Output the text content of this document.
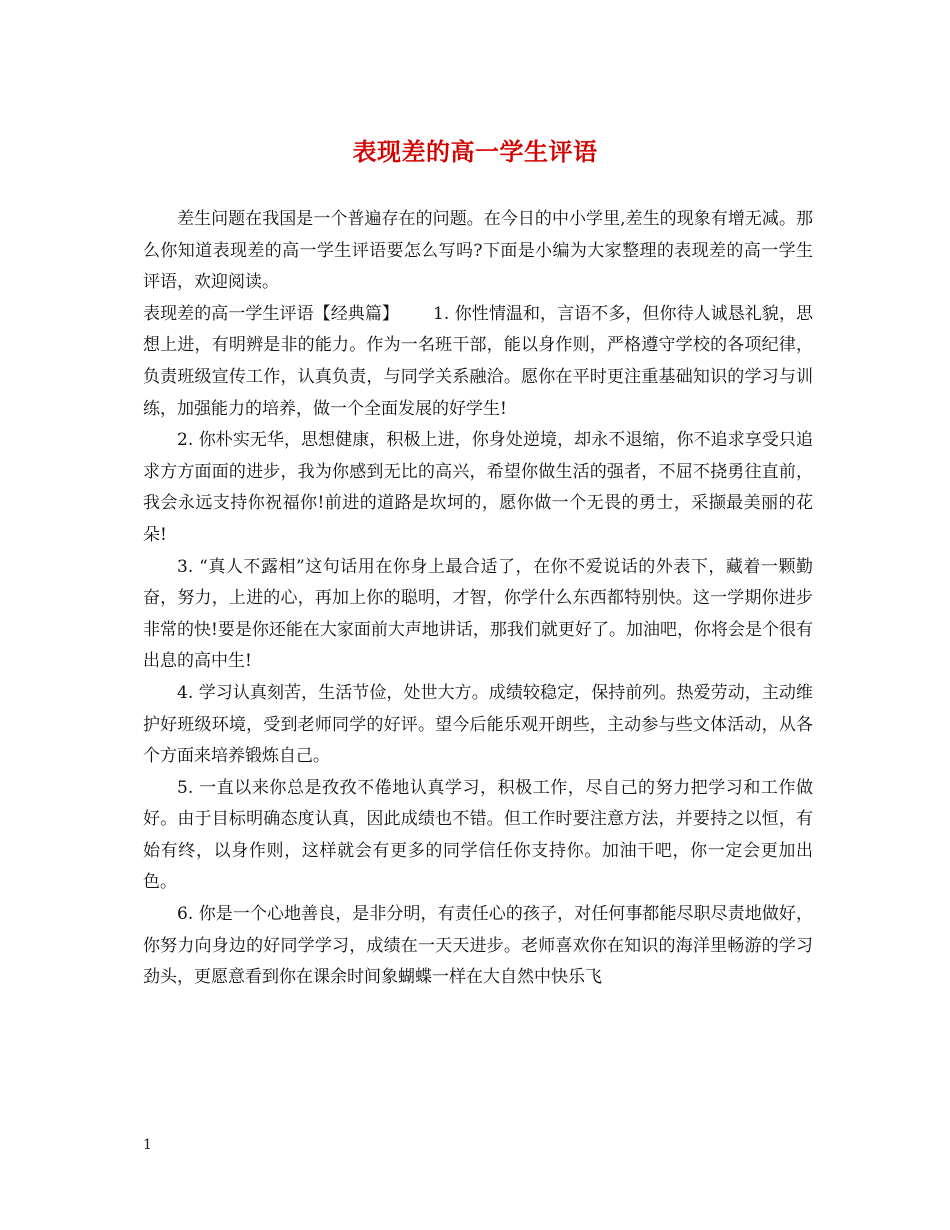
表现差的高一学生评语

差生问题在我国是一个普遍存在的问题。在今日的中小学里,差生的现象有增无减。那么你知道表现差的高一学生评语要怎么写吗?下面是小编为大家整理的表现差的高一学生评语，欢迎阅读。

表现差的高一学生评语【经典篇】 1. 你性情温和，言语不多，但你待人诚恳礼貌，思想上进，有明辨是非的能力。作为一名班干部，能以身作则，严格遵守学校的各项纪律，负责班级宣传工作，认真负责，与同学关系融洽。愿你在平时更注重基础知识的学习与训练，加强能力的培养，做一个全面发展的好学生!

2. 你朴实无华，思想健康，积极上进，你身处逆境，却永不退缩，你不追求享受只追求方方面面的进步，我为你感到无比的高兴，希望你做生活的强者，不屈不挠勇往直前，我会永远支持你祝福你!前进的道路是坎坷的，愿你做一个无畏的勇士，采撷最美丽的花朵!

3. “真人不露相”这句话用在你身上最合适了，在你不爱说话的外表下，藏着一颗勤奋，努力，上进的心，再加上你的聪明，才智，你学什么东西都特别快。这一学期你进步非常的快!要是你还能在大家面前大声地讲话，那我们就更好了。加油吧，你将会是个很有出息的高中生!

4. 学习认真刻苦，生活节俭，处世大方。成绩较稳定，保持前列。热爱劳动，主动维护好班级环境，受到老师同学的好评。望今后能乐观开朗些，主动参与些文体活动，从各个方面来培养锻炼自己。

5. 一直以来你总是孜孜不倦地认真学习，积极工作，尽自己的努力把学习和工作做好。由于目标明确态度认真，因此成绩也不错。但工作时要注意方法，并要持之以恒，有始有终，以身作则，这样就会有更多的同学信任你支持你。加油干吧，你一定会更加出色。

6. 你是一个心地善良，是非分明，有责任心的孩子，对任何事都能尽职尽责地做好，你努力向身边的好同学学习，成绩在一天天进步。老师喜欢你在知识的海洋里畅游的学习劲头，更愿意看到你在课余时间象蝴蝶一样在大自然中快乐飞

1
